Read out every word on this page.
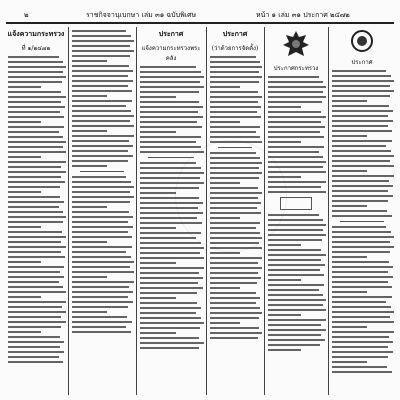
๒	ราชกิจจานุเบกษา เล่ม ๓๑ ฉบับพิเศษ	หน้า ๑ เล่ม ๓๑ ประกาศ ๒๔๗๒
แจ้งความกระทรวง
ที่ ๑/๒๔๗๒
ประกาศ
แจ้งความกระทรวงพระคลัง
ประกาศ
(ว่าด้วยการจัดตั้ง)
ประกาศกระทรวง

ประกาศ
